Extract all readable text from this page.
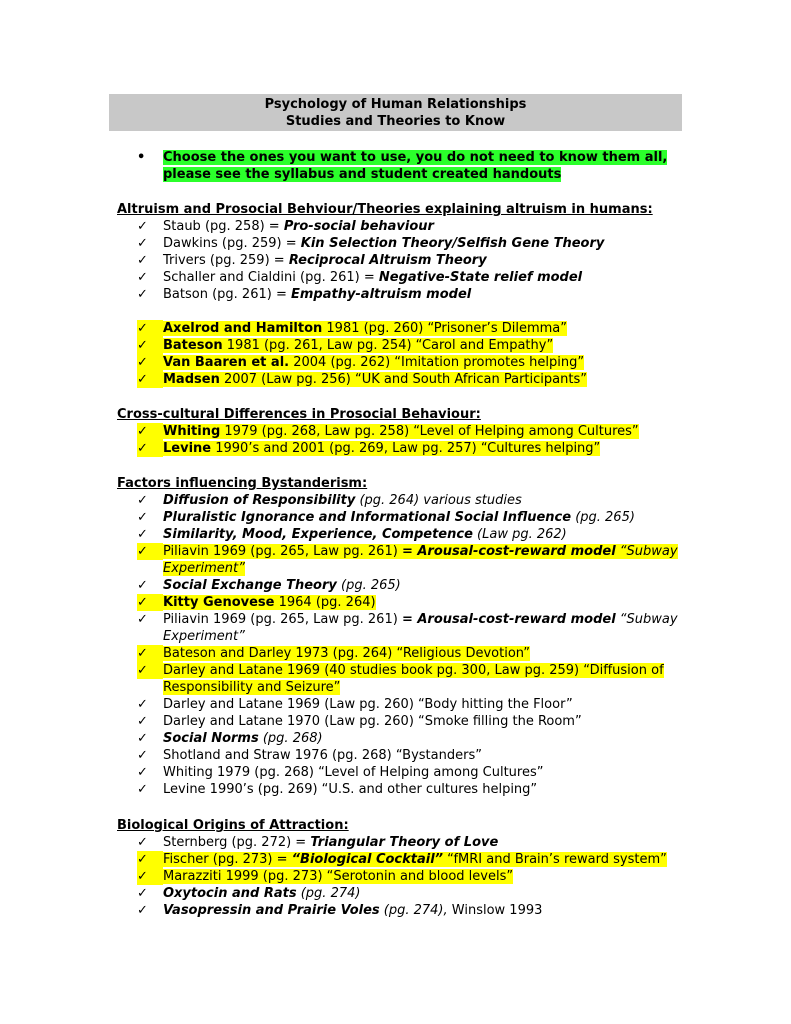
Psychology of Human Relationships
Studies and Theories to Know
•	Choose the ones you want to use, you do not need to know them all,
please see the syllabus and student created handouts
Altruism and Prosocial Behviour/Theories explaining altruism in humans:
✓	Staub (pg. 258) = Pro-social behaviour
✓	Dawkins (pg. 259) = Kin Selection Theory/Selfish Gene Theory
✓	Trivers (pg. 259) = Reciprocal Altruism Theory
✓	Schaller and Cialdini (pg. 261) = Negative-State relief model
✓	Batson (pg. 261) = Empathy-altruism model
✓	Axelrod and Hamilton 1981 (pg. 260) “Prisoner’s Dilemma”
✓	Bateson 1981 (pg. 261, Law pg. 254) “Carol and Empathy”
✓	Van Baaren et al. 2004 (pg. 262) “Imitation promotes helping”
✓	Madsen 2007 (Law pg. 256) “UK and South African Participants”
Cross-cultural Differences in Prosocial Behaviour:
✓	Whiting 1979 (pg. 268, Law pg. 258) “Level of Helping among Cultures”
✓	Levine 1990’s and 2001 (pg. 269, Law pg. 257) “Cultures helping”
Factors influencing Bystanderism:
✓	Diffusion of Responsibility (pg. 264) various studies
✓	Pluralistic Ignorance and Informational Social Influence (pg. 265)
✓	Similarity, Mood, Experience, Competence (Law pg. 262)
✓	Piliavin 1969 (pg. 265, Law pg. 261) = Arousal-cost-reward model “Subway
Experiment”
✓	Social Exchange Theory (pg. 265)
✓	Kitty Genovese 1964 (pg. 264)
✓	Piliavin 1969 (pg. 265, Law pg. 261) = Arousal-cost-reward model “Subway
Experiment”
✓	Bateson and Darley 1973 (pg. 264) “Religious Devotion”
✓	Darley and Latane 1969 (40 studies book pg. 300, Law pg. 259) “Diffusion of
Responsibility and Seizure”
✓	Darley and Latane 1969 (Law pg. 260) “Body hitting the Floor”
✓	Darley and Latane 1970 (Law pg. 260) “Smoke filling the Room”
✓	Social Norms (pg. 268)
✓	Shotland and Straw 1976 (pg. 268) “Bystanders”
✓	Whiting 1979 (pg. 268) “Level of Helping among Cultures”
✓	Levine 1990’s (pg. 269) “U.S. and other cultures helping”
Biological Origins of Attraction:
✓	Sternberg (pg. 272) = Triangular Theory of Love
✓	Fischer (pg. 273) = “Biological Cocktail” “fMRI and Brain’s reward system”
✓	Marazziti 1999 (pg. 273) “Serotonin and blood levels”
✓	Oxytocin and Rats (pg. 274)
✓	Vasopressin and Prairie Voles (pg. 274), Winslow 1993
